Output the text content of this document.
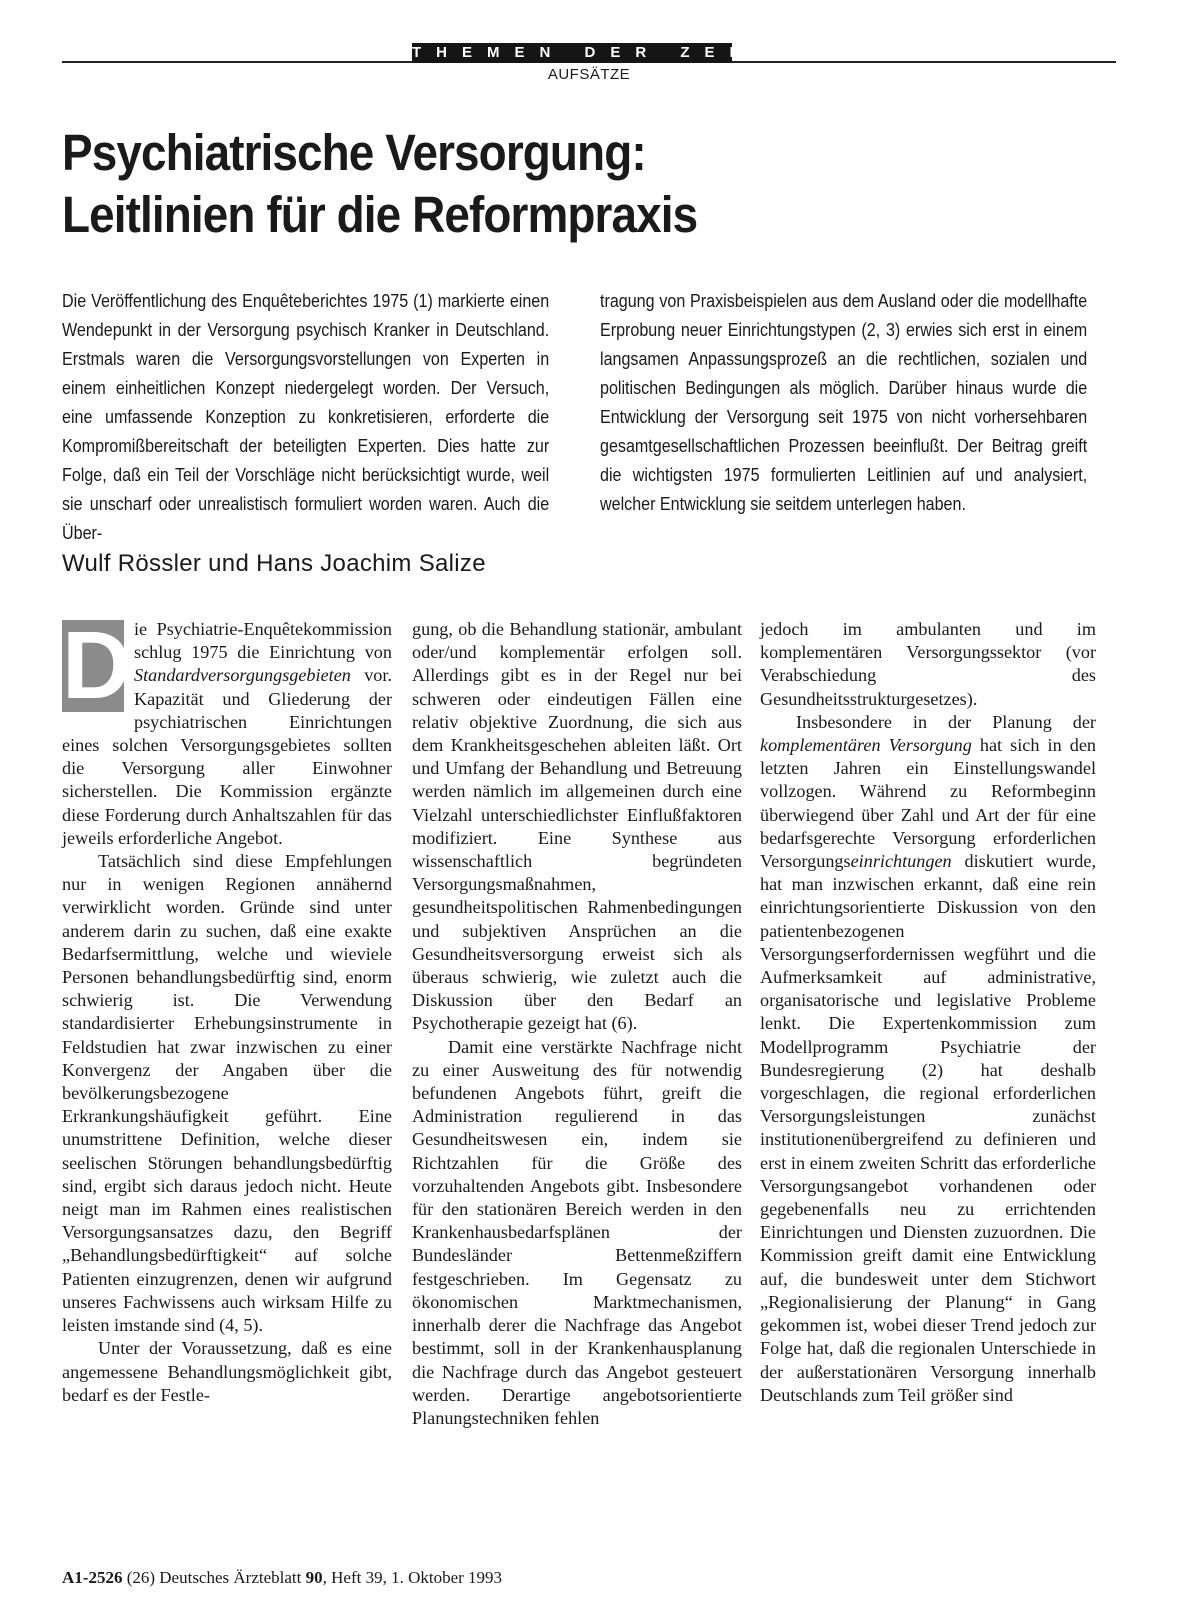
THEMEN DER ZEIT
AUFSÄTZE
Psychiatrische Versorgung:
Leitlinien für die Reformpraxis
Die Veröffentlichung des Enquêteberichtes 1975 (1) markierte einen Wendepunkt in der Versorgung psychisch Kranker in Deutschland. Erstmals waren die Versorgungsvorstellungen von Experten in einem einheitlichen Konzept niedergelegt worden. Der Versuch, eine umfassende Konzeption zu konkretisieren, erforderte die Kompromißbereitschaft der beteiligten Experten. Dies hatte zur Folge, daß ein Teil der Vorschläge nicht berücksichtigt wurde, weil sie unscharf oder unrealistisch formuliert worden waren. Auch die Über-
tragung von Praxisbeispielen aus dem Ausland oder die modellhafte Erprobung neuer Einrichtungstypen (2, 3) erwies sich erst in einem langsamen Anpassungsprozeß an die rechtlichen, sozialen und politischen Bedingungen als möglich. Darüber hinaus wurde die Entwicklung der Versorgung seit 1975 von nicht vorhersehbaren gesamtgesellschaftlichen Prozessen beeinflußt. Der Beitrag greift die wichtigsten 1975 formulierten Leitlinien auf und analysiert, welcher Entwicklung sie seitdem unterlegen haben.
Wulf Rössler und Hans Joachim Salize

D ie Psychiatrie-Enquêtekommission schlug 1975 die Einrichtung von Standardversorgungsgebieten vor. Kapazität und Gliederung der psychiatrischen Einrichtungen eines solchen Versorgungsgebietes sollten die Versorgung aller Einwohner sicherstellen. Die Kommission ergänzte diese Forderung durch Anhaltszahlen für das jeweils erforderliche Angebot.

Tatsächlich sind diese Empfehlungen nur in wenigen Regionen annähernd verwirklicht worden. Gründe sind unter anderem darin zu suchen, daß eine exakte Bedarfsermittlung, welche und wieviele Personen behandlungsbedürftig sind, enorm schwierig ist. Die Verwendung standardisierter Erhebungsinstrumente in Feldstudien hat zwar inzwischen zu einer Konvergenz der Angaben über die bevölkerungsbezogene Erkrankungshäufigkeit geführt. Eine unumstrittene Definition, welche dieser seelischen Störungen behandlungsbedürftig sind, ergibt sich daraus jedoch nicht. Heute neigt man im Rahmen eines realistischen Versorgungsansatzes dazu, den Begriff „Behandlungsbedürftigkeit“ auf solche Patienten einzugrenzen, denen wir aufgrund unseres Fachwissens auch wirksam Hilfe zu leisten imstande sind (4, 5).

Unter der Voraussetzung, daß es eine angemessene Behandlungsmöglichkeit gibt, bedarf es der Festle-

gung, ob die Behandlung stationär, ambulant oder/und komplementär erfolgen soll. Allerdings gibt es in der Regel nur bei schweren oder eindeutigen Fällen eine relativ objektive Zuordnung, die sich aus dem Krankheitsgeschehen ableiten läßt. Ort und Umfang der Behandlung und Betreuung werden nämlich im allgemeinen durch eine Vielzahl unterschiedlichster Einflußfaktoren modifiziert. Eine Synthese aus wissenschaftlich begründeten Versorgungsmaßnahmen, gesundheitspolitischen Rahmenbedingungen und subjektiven Ansprüchen an die Gesundheitsversorgung erweist sich als überaus schwierig, wie zuletzt auch die Diskussion über den Bedarf an Psychotherapie gezeigt hat (6).

Damit eine verstärkte Nachfrage nicht zu einer Ausweitung des für notwendig befundenen Angebots führt, greift die Administration regulierend in das Gesundheitswesen ein, indem sie Richtzahlen für die Größe des vorzuhaltenden Angebots gibt. Insbesondere für den stationären Bereich werden in den Krankenhausbedarfsplänen der Bundesländer Bettenmeßziffern festgeschrieben. Im Gegensatz zu ökonomischen Marktmechanismen, innerhalb derer die Nachfrage das Angebot bestimmt, soll in der Krankenhausplanung die Nachfrage durch das Angebot gesteuert werden. Derartige angebotsorientierte Planungstechniken fehlen

jedoch im ambulanten und im komplementären Versorgungssektor (vor Verabschiedung des Gesundheitsstrukturgesetzes).

Insbesondere in der Planung der komplementären Versorgung hat sich in den letzten Jahren ein Einstellungswandel vollzogen. Während zu Reformbeginn überwiegend über Zahl und Art der für eine bedarfsgerechte Versorgung erforderlichen Versorgungseinrichtungen diskutiert wurde, hat man inzwischen erkannt, daß eine rein einrichtungsorientierte Diskussion von den patientenbezogenen Versorgungserfordernissen wegführt und die Aufmerksamkeit auf administrative, organisatorische und legislative Probleme lenkt. Die Expertenkommission zum Modellprogramm Psychiatrie der Bundesregierung (2) hat deshalb vorgeschlagen, die regional erforderlichen Versorgungsleistungen zunächst institutionenübergreifend zu definieren und erst in einem zweiten Schritt das erforderliche Versorgungsangebot vorhandenen oder gegebenenfalls neu zu errichtenden Einrichtungen und Diensten zuzuordnen. Die Kommission greift damit eine Entwicklung auf, die bundesweit unter dem Stichwort „Regionalisierung der Planung“ in Gang gekommen ist, wobei dieser Trend jedoch zur Folge hat, daß die regionalen Unterschiede in der außerstationären Versorgung innerhalb Deutschlands zum Teil größer sind

A1-2526 (26) Deutsches Ärzteblatt 90, Heft 39, 1. Oktober 1993
